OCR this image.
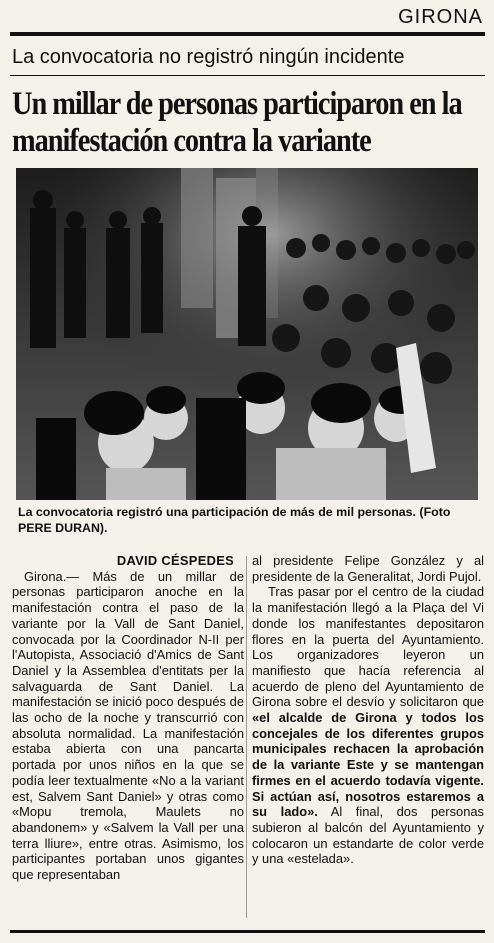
GIRONA
La convocatoria no registró ningún incidente
Un millar de personas participaron en la manifestación contra la variante
La convocatoria registró una participación de más de mil personas. (Foto PERE DURAN).
DAVID CÉSPEDES

Girona.— Más de un millar de personas participaron anoche en la manifestación contra el paso de la variante por la Vall de Sant Daniel, convocada por la Coordinador N-II per l'Autopista, Associació d'Amics de Sant Daniel y la Assemblea d'entitats per la salvaguarda de Sant Daniel. La manifestación se inició poco después de las ocho de la noche y transcurrió con absoluta normalidad. La manifestación estaba abierta con una pancarta portada por unos niños en la que se podía leer textualmente «No a la variant est, Salvem Sant Daniel» y otras como «Mopu tremola, Maulets no abandonem» y «Salvem la Vall per una terra lliure», entre otras. Asimismo, los participantes portaban unos gigantes que representaban

al presidente Felipe González y al presidente de la Generalitat, Jordi Pujol.

Tras pasar por el centro de la ciudad la manifestación llegó a la Plaça del Vi donde los manifestantes depositaron flores en la puerta del Ayuntamiento. Los organizadores leyeron un manifiesto que hacía referencia al acuerdo de pleno del Ayuntamiento de Girona sobre el desvío y solicitaron que «el alcalde de Girona y todos los concejales de los diferentes grupos municipales rechacen la aprobación de la variante Este y se mantengan firmes en el acuerdo todavía vigente. Si actúan así, nosotros estaremos a su lado». Al final, dos personas subieron al balcón del Ayuntamiento y colocaron un estandarte de color verde y una «estelada».
